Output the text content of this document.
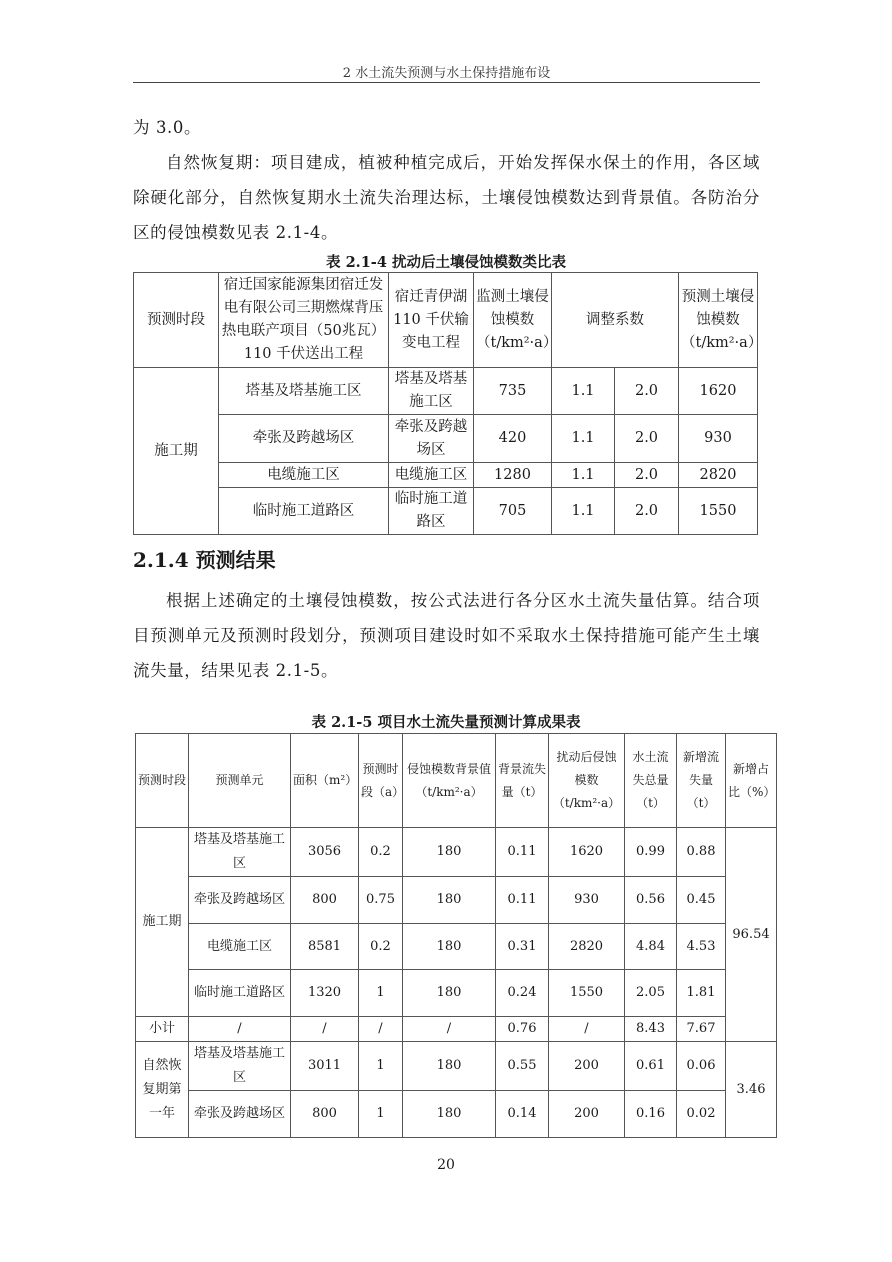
2 水土流失预测与水土保持措施布设

为 3.0。

自然恢复期：项目建成，植被种植完成后，开始发挥保水保土的作用，各区域除硬化部分，自然恢复期水土流失治理达标，土壤侵蚀模数达到背景值。各防治分区的侵蚀模数见表 2.1-4。

表 2.1-4 扰动后土壤侵蚀模数类比表
预测时段	宿迁国家能源集团宿迁发电有限公司三期燃煤背压热电联产项目（50兆瓦）110 千伏送出工程	宿迁青伊湖110 千伏输变电工程	监测土壤侵蚀模数（t/km²·a）	调整系数		预测土壤侵蚀模数（t/km²·a）
施工期	塔基及塔基施工区	塔基及塔基施工区	735	1.1	2.0	1620
	牵张及跨越场区	牵张及跨越场区	420	1.1	2.0	930
	电缆施工区	电缆施工区	1280	1.1	2.0	2820
	临时施工道路区	临时施工道路区	705	1.1	2.0	1550
2.1.4 预测结果

根据上述确定的土壤侵蚀模数，按公式法进行各分区水土流失量估算。结合项目预测单元及预测时段划分，预测项目建设时如不采取水土保持措施可能产生土壤流失量，结果见表 2.1-5。

表 2.1-5 项目水土流失量预测计算成果表
预测时段	预测单元	面积（m²）	预测时段（a）	侵蚀模数背景值（t/km²·a）	背景流失量（t）	扰动后侵蚀模数（t/km²·a）	水土流失总量（t）	新增流失量（t）	新增占比（%）
施工期	塔基及塔基施工区	3056	0.2	180	0.11	1620	0.99	0.88	96.54
	牵张及跨越场区	800	0.75	180	0.11	930	0.56	0.45	
	电缆施工区	8581	0.2	180	0.31	2820	4.84	4.53	
	临时施工道路区	1320	1	180	0.24	1550	2.05	1.81	
小计	/	/	/	/	0.76	/	8.43	7.67	
自然恢复期第一年	塔基及塔基施工区	3011	1	180	0.55	200	0.61	0.06	3.46
	牵张及跨越场区	800	1	180	0.14	200	0.16	0.02	
20
